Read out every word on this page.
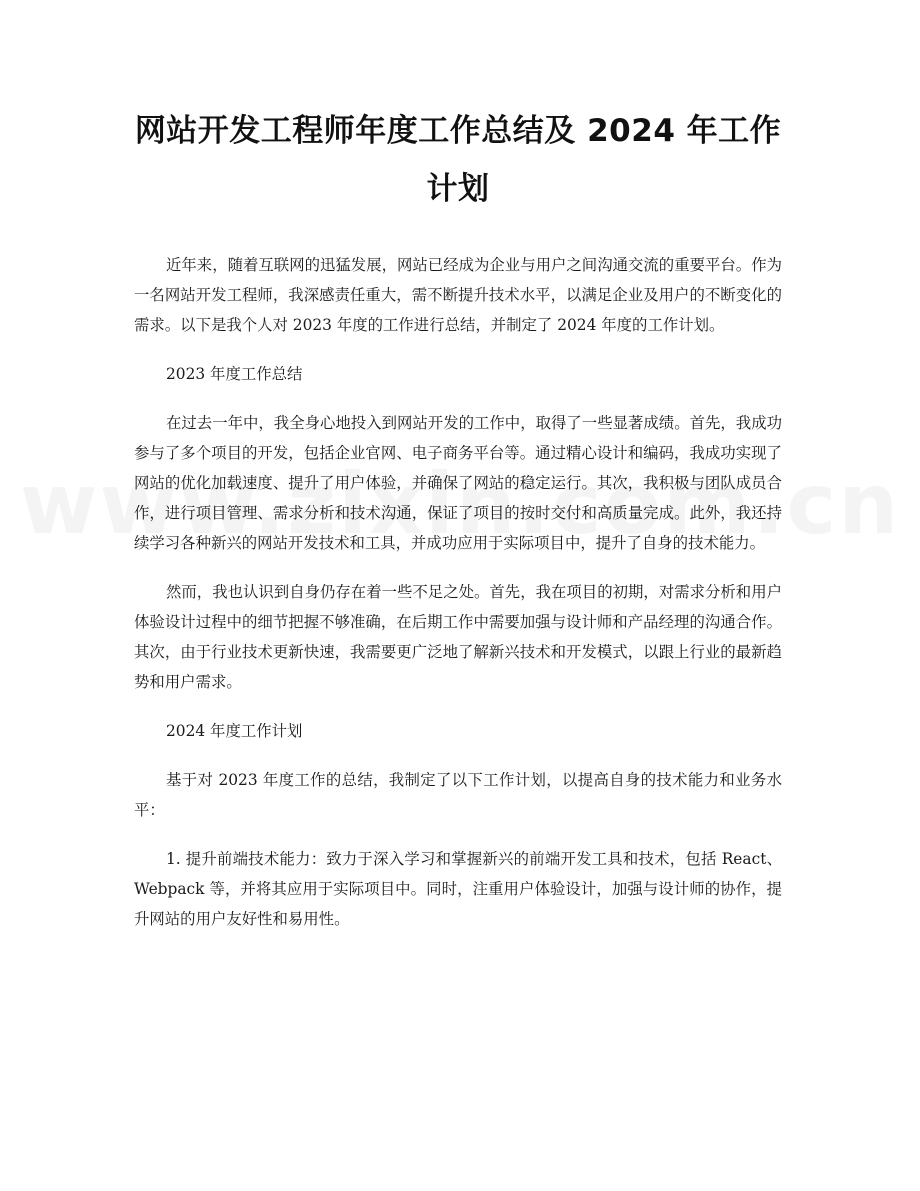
网站开发工程师年度工作总结及 2024 年工作计划

近年来，随着互联网的迅猛发展，网站已经成为企业与用户之间沟通交流的重要平台。作为一名网站开发工程师，我深感责任重大，需不断提升技术水平，以满足企业及用户的不断变化的需求。以下是我个人对 2023 年度的工作进行总结，并制定了 2024 年度的工作计划。

2023 年度工作总结

在过去一年中，我全身心地投入到网站开发的工作中，取得了一些显著成绩。首先，我成功参与了多个项目的开发，包括企业官网、电子商务平台等。通过精心设计和编码，我成功实现了网站的优化加载速度、提升了用户体验，并确保了网站的稳定运行。其次，我积极与团队成员合作，进行项目管理、需求分析和技术沟通，保证了项目的按时交付和高质量完成。此外，我还持续学习各种新兴的网站开发技术和工具，并成功应用于实际项目中，提升了自身的技术能力。

然而，我也认识到自身仍存在着一些不足之处。首先，我在项目的初期，对需求分析和用户体验设计过程中的细节把握不够准确，在后期工作中需要加强与设计师和产品经理的沟通合作。其次，由于行业技术更新快速，我需要更广泛地了解新兴技术和开发模式，以跟上行业的最新趋势和用户需求。

2024 年度工作计划

基于对 2023 年度工作的总结，我制定了以下工作计划，以提高自身的技术能力和业务水平：

1. 提升前端技术能力：致力于深入学习和掌握新兴的前端开发工具和技术，包括 React、Webpack 等，并将其应用于实际项目中。同时，注重用户体验设计，加强与设计师的协作，提升网站的用户友好性和易用性。
